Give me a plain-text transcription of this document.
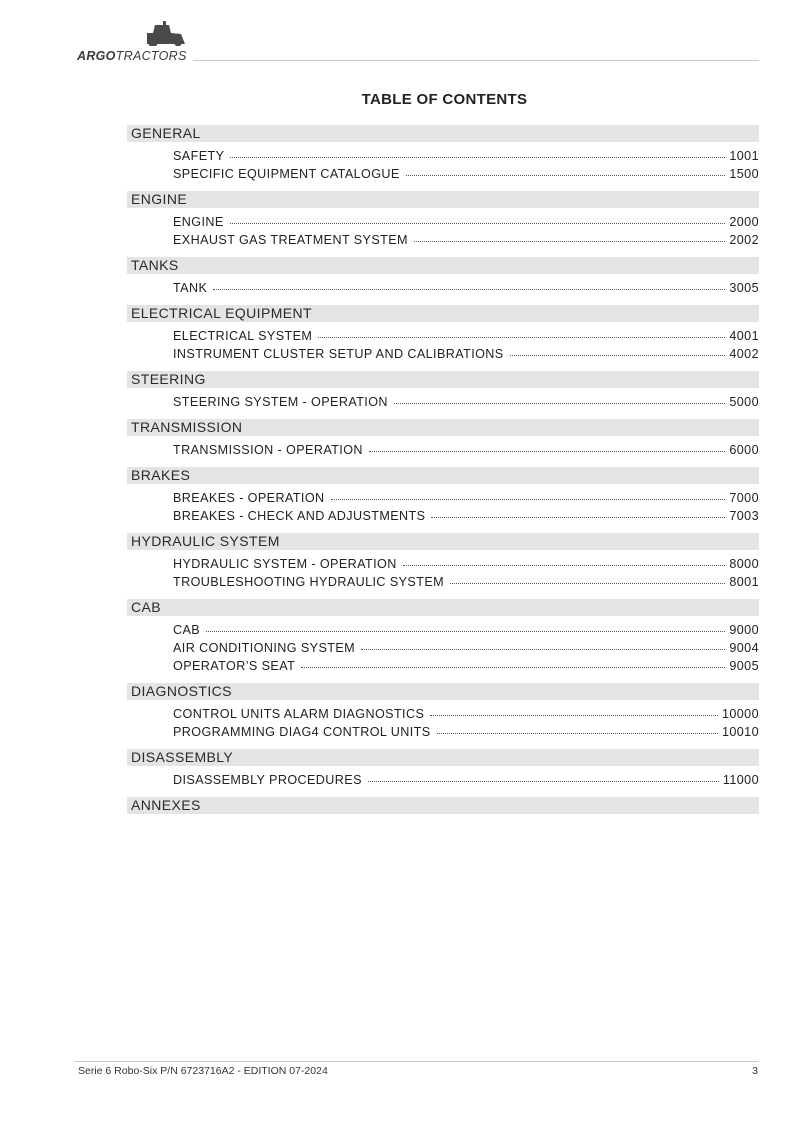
ARGOTRACTORS
TABLE OF CONTENTS
GENERAL
SAFETY	1001
SPECIFIC EQUIPMENT CATALOGUE	1500
ENGINE
ENGINE	2000
EXHAUST GAS TREATMENT SYSTEM	2002
TANKS
TANK	3005
ELECTRICAL EQUIPMENT
ELECTRICAL SYSTEM	4001
INSTRUMENT CLUSTER SETUP AND CALIBRATIONS	4002
STEERING
STEERING SYSTEM - OPERATION	5000
TRANSMISSION
TRANSMISSION - OPERATION	6000
BRAKES
BREAKES - OPERATION	7000
BREAKES - CHECK AND ADJUSTMENTS	7003
HYDRAULIC SYSTEM
HYDRAULIC SYSTEM - OPERATION	8000
TROUBLESHOOTING HYDRAULIC SYSTEM	8001
CAB
CAB	9000
AIR CONDITIONING SYSTEM	9004
OPERATOR’S SEAT	9005
DIAGNOSTICS
CONTROL UNITS ALARM DIAGNOSTICS	10000
PROGRAMMING DIAG4 CONTROL UNITS	10010
DISASSEMBLY
DISASSEMBLY PROCEDURES	11000
ANNEXES
Serie 6 Robo-Six P/N 6723716A2 - EDITION 07-2024	3
